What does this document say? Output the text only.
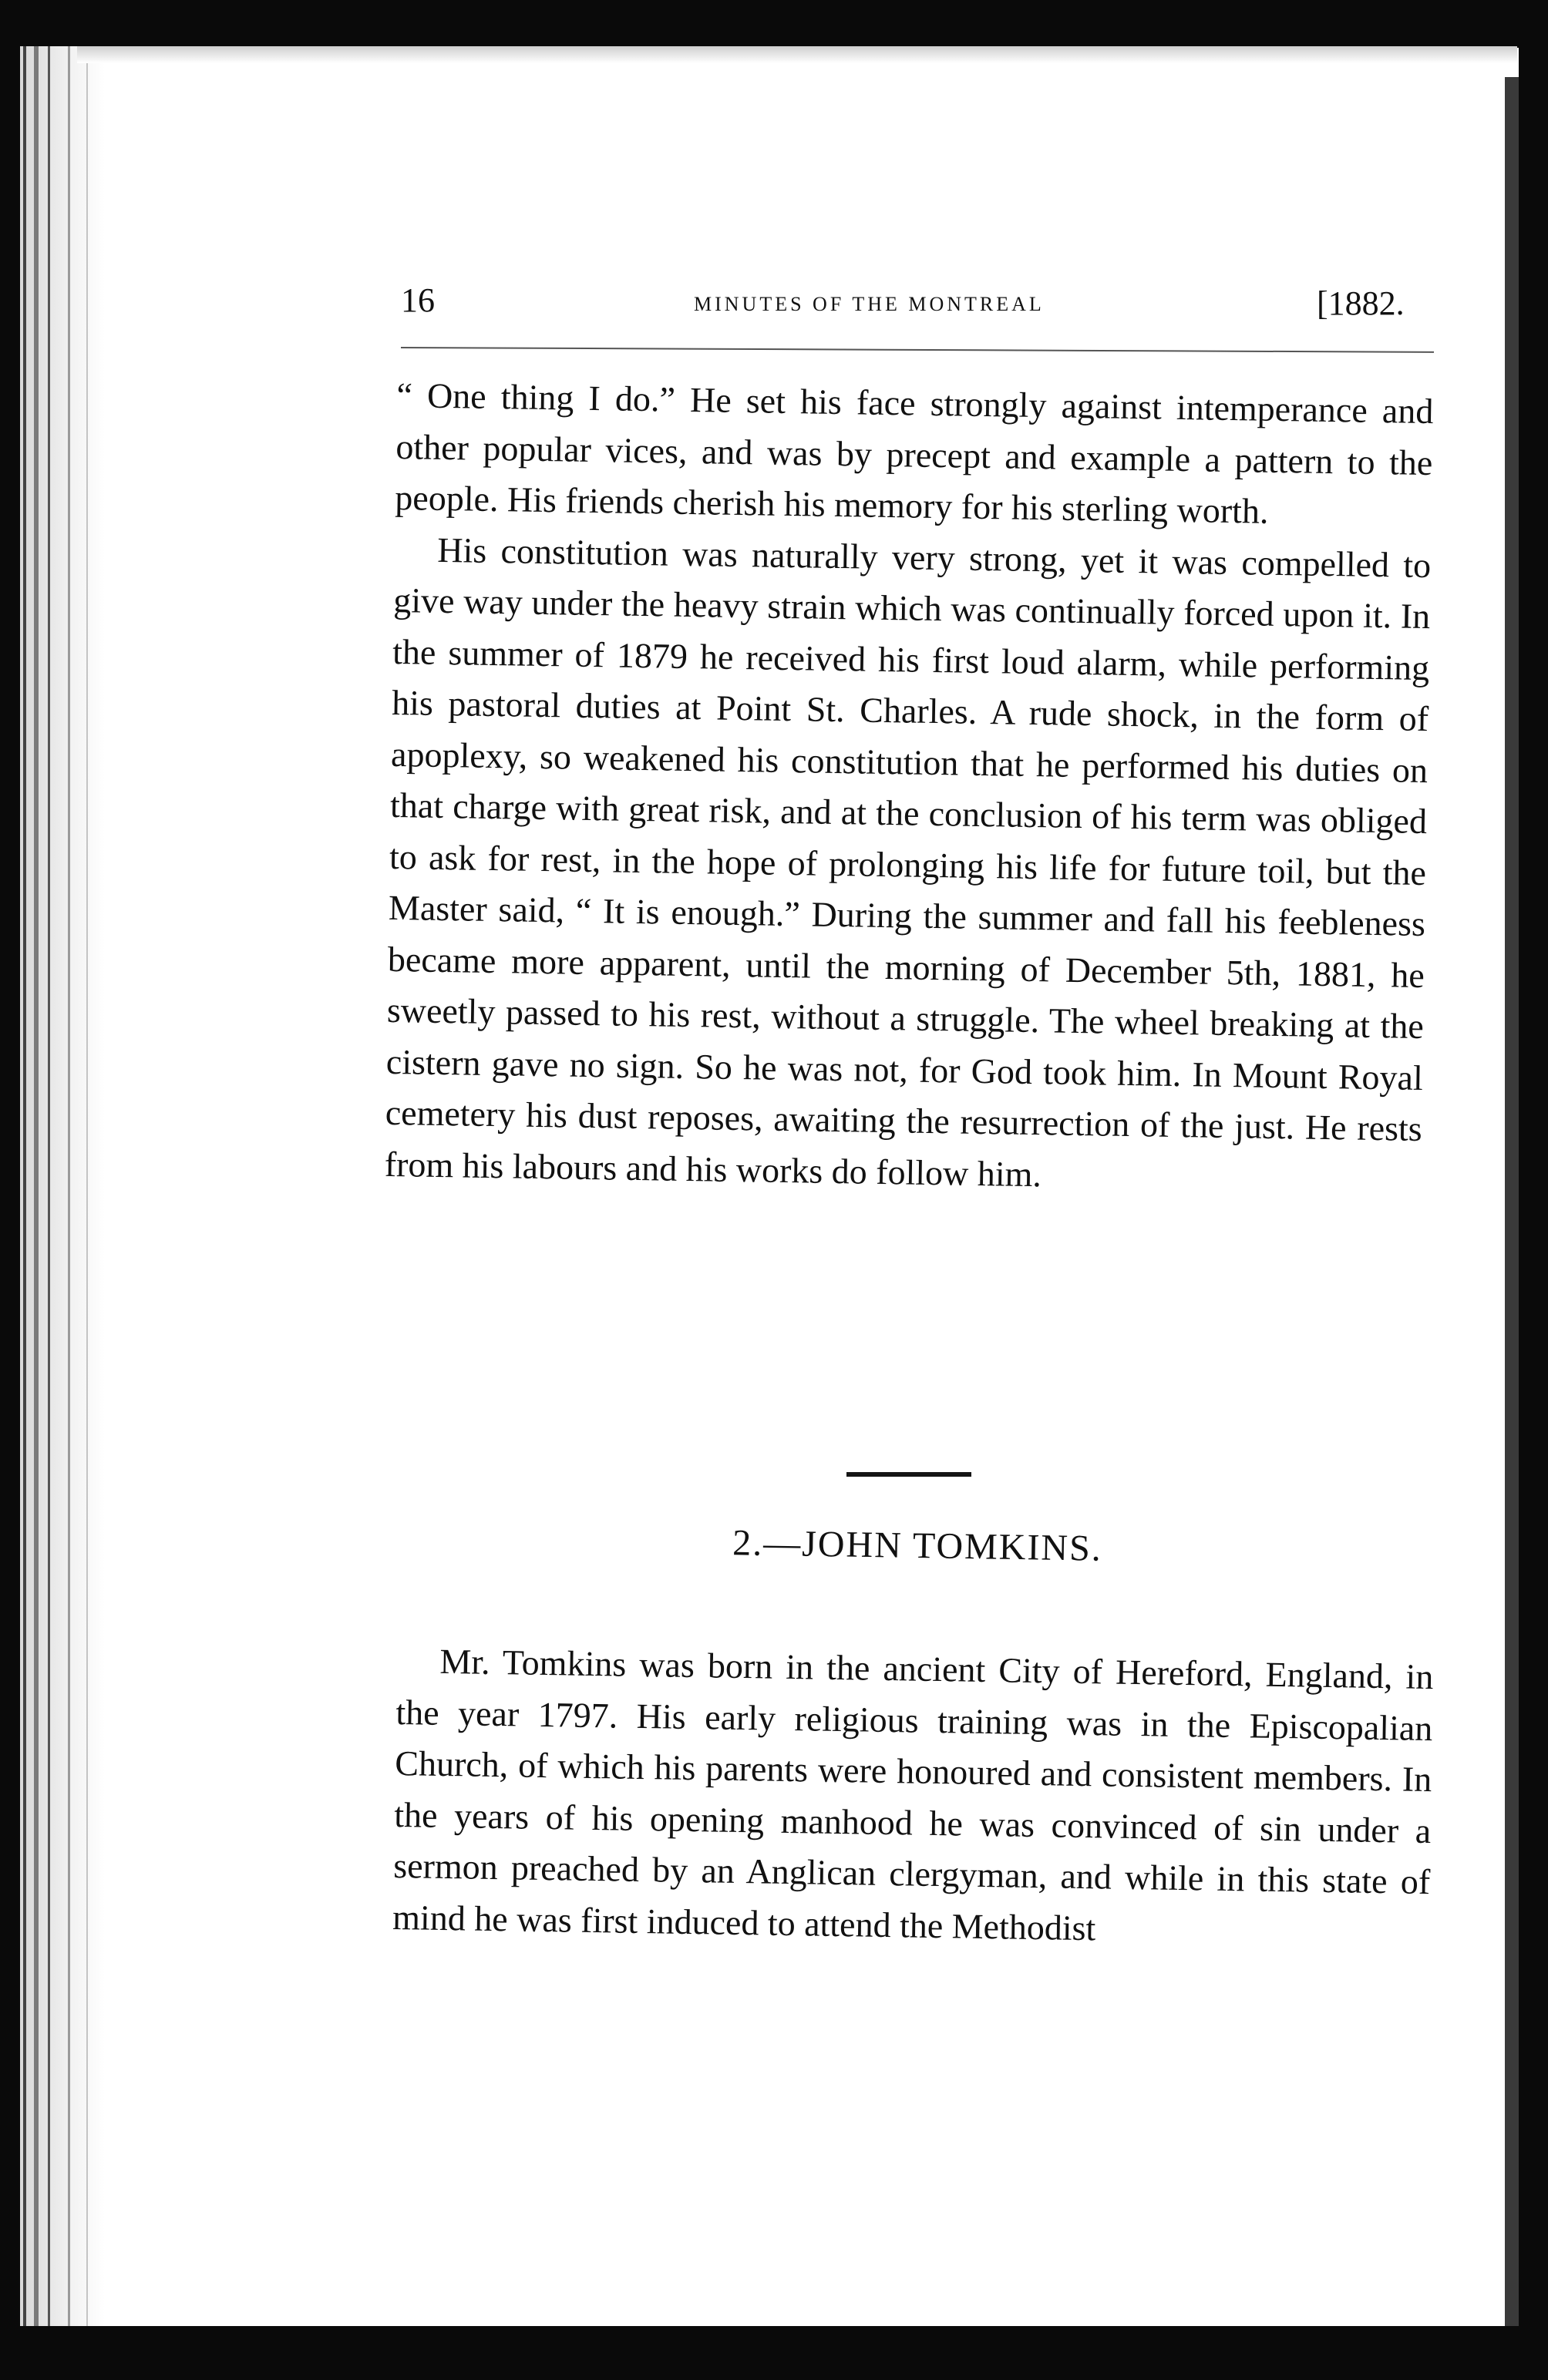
16	MINUTES OF THE MONTREAL	[1882.

“ One thing I do.” He set his face strongly against intemperance and other popular vices, and was by precept and example a pattern to the people. His friends cherish his memory for his sterling worth.

His constitution was naturally very strong, yet it was compelled to give way under the heavy strain which was continually forced upon it. In the summer of 1879 he received his first loud alarm, while performing his pastoral duties at Point St. Charles. A rude shock, in the form of apoplexy, so weakened his constitution that he performed his duties on that charge with great risk, and at the conclusion of his term was obliged to ask for rest, in the hope of prolonging his life for future toil, but the Master said, “ It is enough.” During the summer and fall his feebleness became more apparent, until the morning of December 5th, 1881, he sweetly passed to his rest, without a struggle. The wheel breaking at the cistern gave no sign. So he was not, for God took him. In Mount Royal cemetery his dust reposes, awaiting the resurrection of the just. He rests from his labours and his works do follow him.

2.—JOHN TOMKINS.

Mr. Tomkins was born in the ancient City of Hereford, England, in the year 1797. His early religious training was in the Episcopalian Church, of which his parents were honoured and consistent members. In the years of his opening manhood he was convinced of sin under a sermon preached by an Anglican clergyman, and while in this state of mind he was first induced to attend the Methodist
